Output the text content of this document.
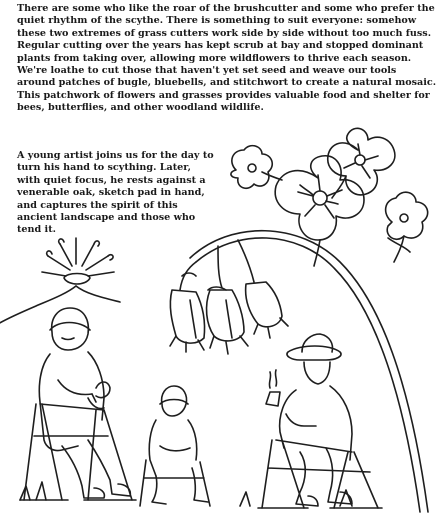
There are some who like the roar of the brushcutter and some who prefer the quiet rhythm of the scythe. There is something to suit everyone: somehow these two extremes of grass cutters work side by side without too much fuss. Regular cutting over the years has kept scrub at bay and stopped dominant plants from taking over, allowing more wildflowers to thrive each season. We're loathe to cut those that haven't yet set seed and weave our tools around patches of bugle, bluebells, and stitchwort to create a natural mosaic. This patchwork of flowers and grasses provides valuable food and shelter for bees, butterflies, and other woodland wildlife.

A young artist joins us for the day to turn his hand to scything. Later, with quiet focus, he rests against a venerable oak, sketch pad in hand, and captures the spirit of this ancient landscape and those who tend it.
